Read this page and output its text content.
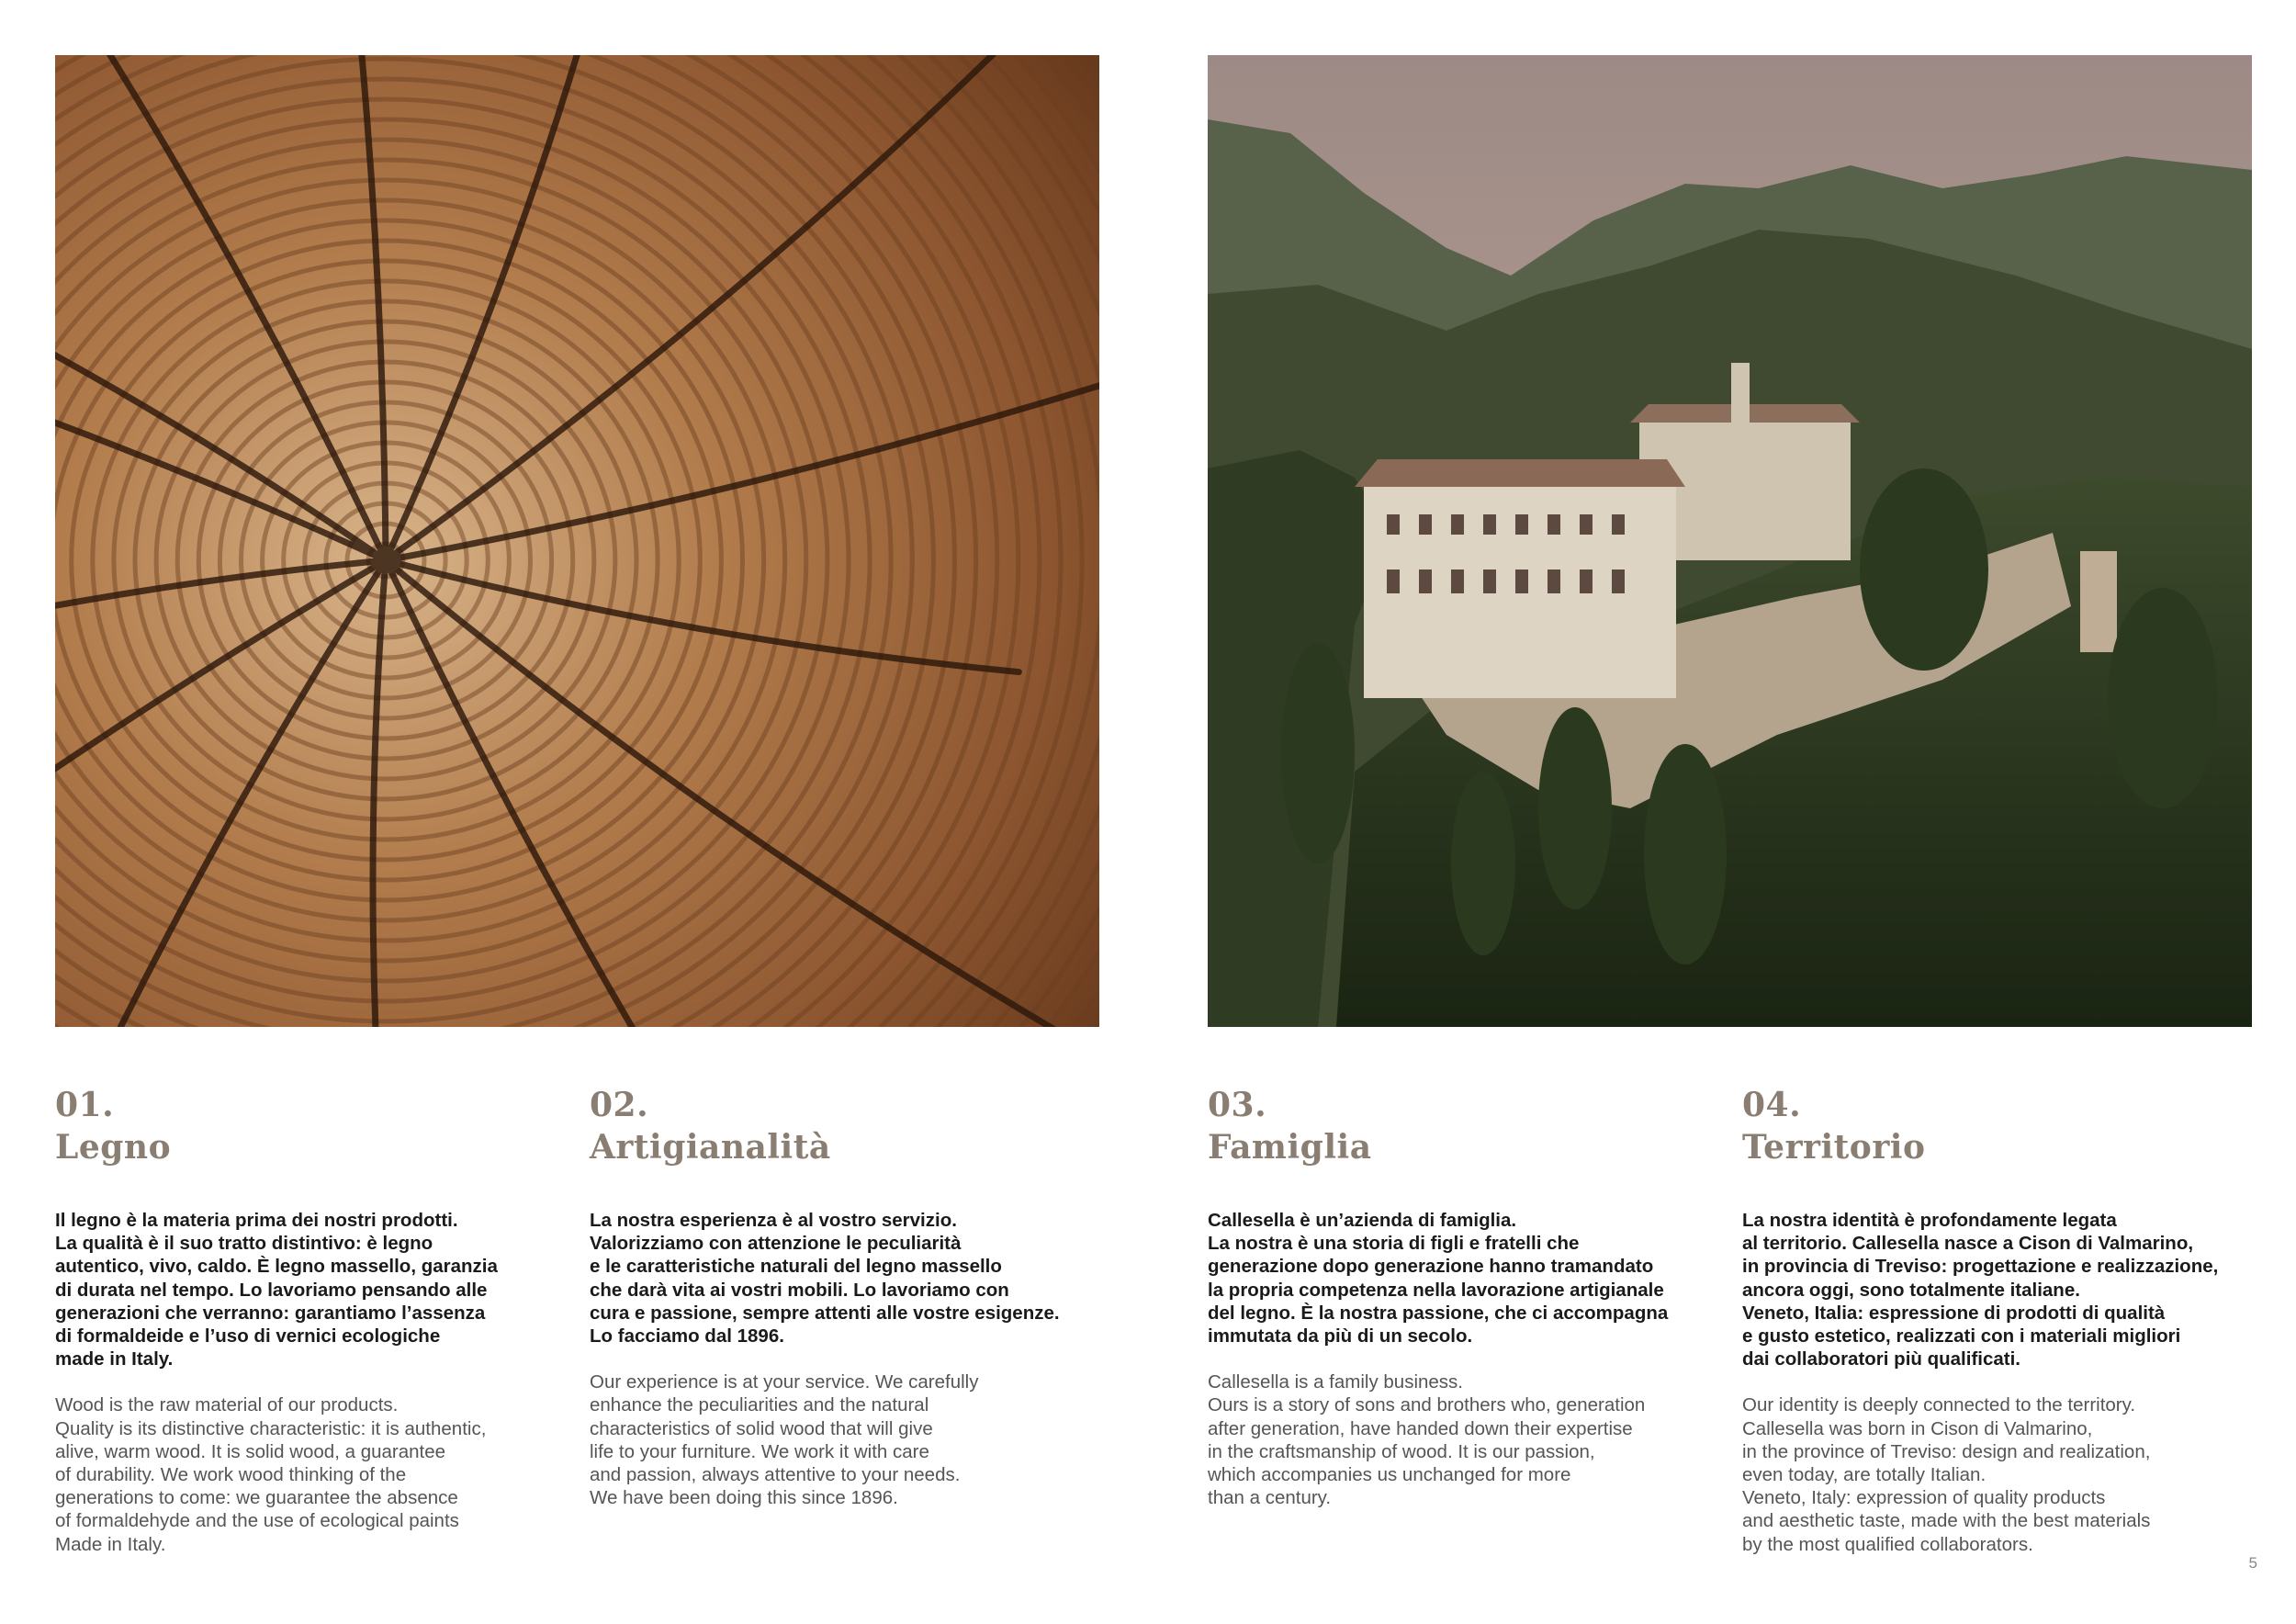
01.
Legno
Il legno è la materia prima dei nostri prodotti.
La qualità è il suo tratto distintivo: è legno
autentico, vivo, caldo. È legno massello, garanzia
di durata nel tempo. Lo lavoriamo pensando alle
generazioni che verranno: garantiamo l’assenza
di formaldeide e l’uso di vernici ecologiche
made in Italy.
Wood is the raw material of our products.
Quality is its distinctive characteristic: it is authentic,
alive, warm wood. It is solid wood, a guarantee
of durability. We work wood thinking of the
generations to come: we guarantee the absence
of formaldehyde and the use of ecological paints
Made in Italy.
02.
Artigianalità
La nostra esperienza è al vostro servizio.
Valorizziamo con attenzione le peculiarità
e le caratteristiche naturali del legno massello
che darà vita ai vostri mobili. Lo lavoriamo con
cura e passione, sempre attenti alle vostre esigenze.
Lo facciamo dal 1896.
Our experience is at your service. We carefully
enhance the peculiarities and the natural
characteristics of solid wood that will give
life to your furniture. We work it with care
and passion, always attentive to your needs.
We have been doing this since 1896.
03.
Famiglia
Callesella è un’azienda di famiglia.
La nostra è una storia di figli e fratelli che
generazione dopo generazione hanno tramandato
la propria competenza nella lavorazione artigianale
del legno. È la nostra passione, che ci accompagna
immutata da più di un secolo.
Callesella is a family business.
Ours is a story of sons and brothers who, generation
after generation, have handed down their expertise
in the craftsmanship of wood. It is our passion,
which accompanies us unchanged for more
than a century.
04.
Territorio
La nostra identità è profondamente legata
al territorio. Callesella nasce a Cison di Valmarino,
in provincia di Treviso: progettazione e realizzazione,
ancora oggi, sono totalmente italiane.
Veneto, Italia: espressione di prodotti di qualità
e gusto estetico, realizzati con i materiali migliori
dai collaboratori più qualificati.
Our identity is deeply connected to the territory.
Callesella was born in Cison di Valmarino,
in the province of Treviso: design and realization,
even today, are totally Italian.
Veneto, Italy: expression of quality products
and aesthetic taste, made with the best materials
by the most qualified collaborators.
5
